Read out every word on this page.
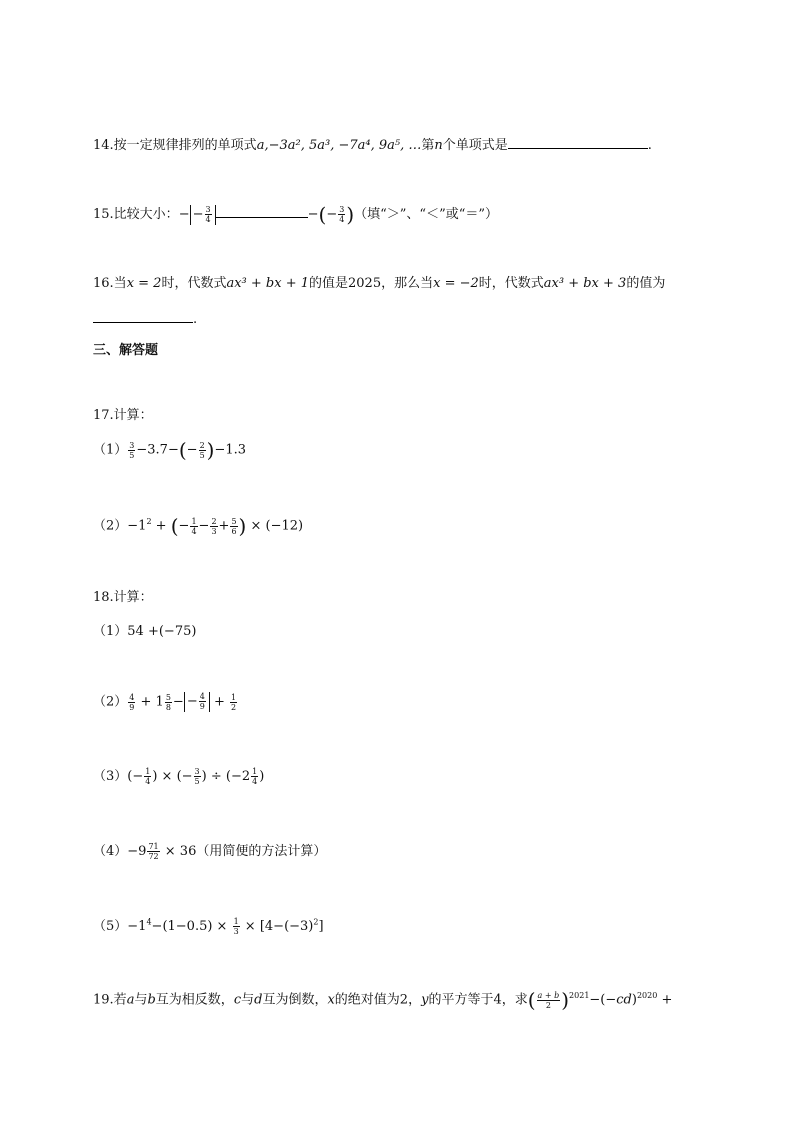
14.按一定规律排列的单项式a,−3a², 5a³, −7a⁴, 9a⁵, …第n个单项式是	.
15.比较大小：− − $\frac{3}{4}$	−(− $\frac{3}{4}$ )（填“＞”、“＜”或“＝”）
16.当x = 2时，代数式ax³ + bx + 1的值是2025，那么当x = −2时，代数式ax³ + bx + 3的值为
.
三、解答题
17.计算：
$(1) \frac{3}{5} -3.7-(- \frac{2}{5} )-1.3$
$(2)-1^2$ + (− $\frac{1}{4} - \frac{2}{3} + \frac{5}{6}$ ) × (−12)
18.计算：
（1）54 +(−75)
$(2) \frac{4}{9} + 1 \frac{5}{8}$ − − $\frac{4}{9} + \frac{1}{2}$
$(3)(- \frac{1}{4}$ ) × (− $\frac{3}{5}$ ) ÷ ($-2 \frac{1}{4}$ )
$(4)-9 \frac{71}{72} \times 36$（用简便的方法计算）
$(5)-1^4-(1-0.5) \times \frac{1}{3} \times [4-(-3)^2]$
19.若a与b互为相反数，c与d互为倒数，x的绝对值为2，y的平方等于4，求( $\frac{a + b}{2} )^{2021}-(-cd)^{2020}$ +
